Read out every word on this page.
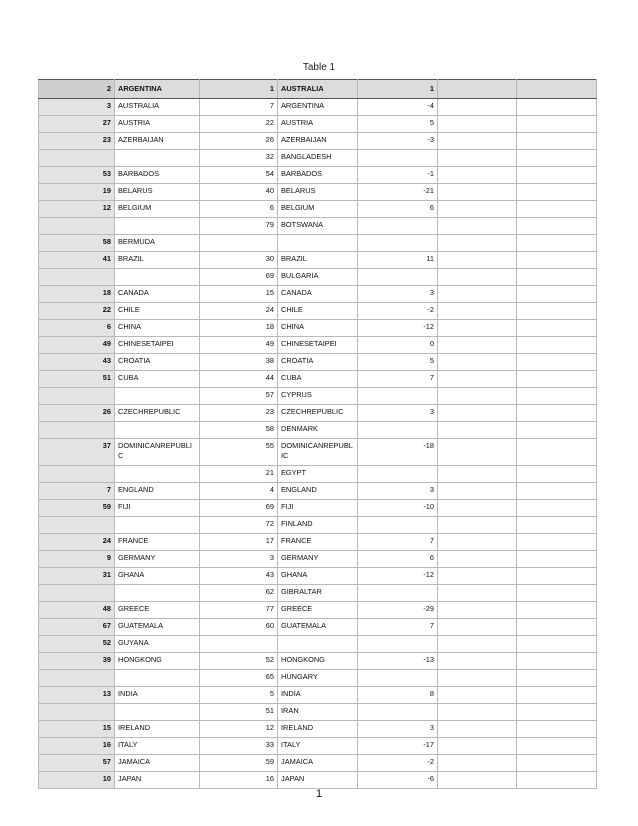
Table 1
2	ARGENTINA	1	AUSTRALIA	1		
3	AUSTRALIA	7	ARGENTINA	-4		
27	AUSTRIA	22	AUSTRIA	5		
23	AZERBAIJAN	26	AZERBAIJAN	-3		
		32	BANGLADESH			
53	BARBADOS	54	BARBADOS	-1		
19	BELARUS	40	BELARUS	-21		
12	BELGIUM	6	BELGIUM	6		
		79	BOTSWANA			
58	BERMUDA					
41	BRAZIL	30	BRAZIL	11		
		69	BULGARIA			
18	CANADA	15	CANADA	3		
22	CHILE	24	CHILE	-2		
6	CHINA	18	CHINA	-12		
49	CHINESETAIPEI	49	CHINESETAIPEI	0		
43	CROATIA	38	CROATIA	5		
51	CUBA	44	CUBA	7		
		57	CYPRUS			
26	CZECHREPUBLIC	23	CZECHREPUBLIC	3		
		58	DENMARK			
37	DOMINICANREPUBLIC	55	DOMINICANREPUBLIC	-18		
		21	EGYPT			
7	ENGLAND	4	ENGLAND	3		
59	FIJI	69	FIJI	-10		
		72	FINLAND			
24	FRANCE	17	FRANCE	7		
9	GERMANY	3	GERMANY	6		
31	GHANA	43	GHANA	-12		
		62	GIBRALTAR			
48	GREECE	77	GREECE	-29		
67	GUATEMALA	60	GUATEMALA	7		
52	GUYANA					
39	HONGKONG	52	HONGKONG	-13		
		65	HUNGARY			
13	INDIA	5	INDIA	8		
		51	IRAN			
15	IRELAND	12	IRELAND	3		
16	ITALY	33	ITALY	-17		
57	JAMAICA	59	JAMAICA	-2		
10	JAPAN	16	JAPAN	-6		
1
